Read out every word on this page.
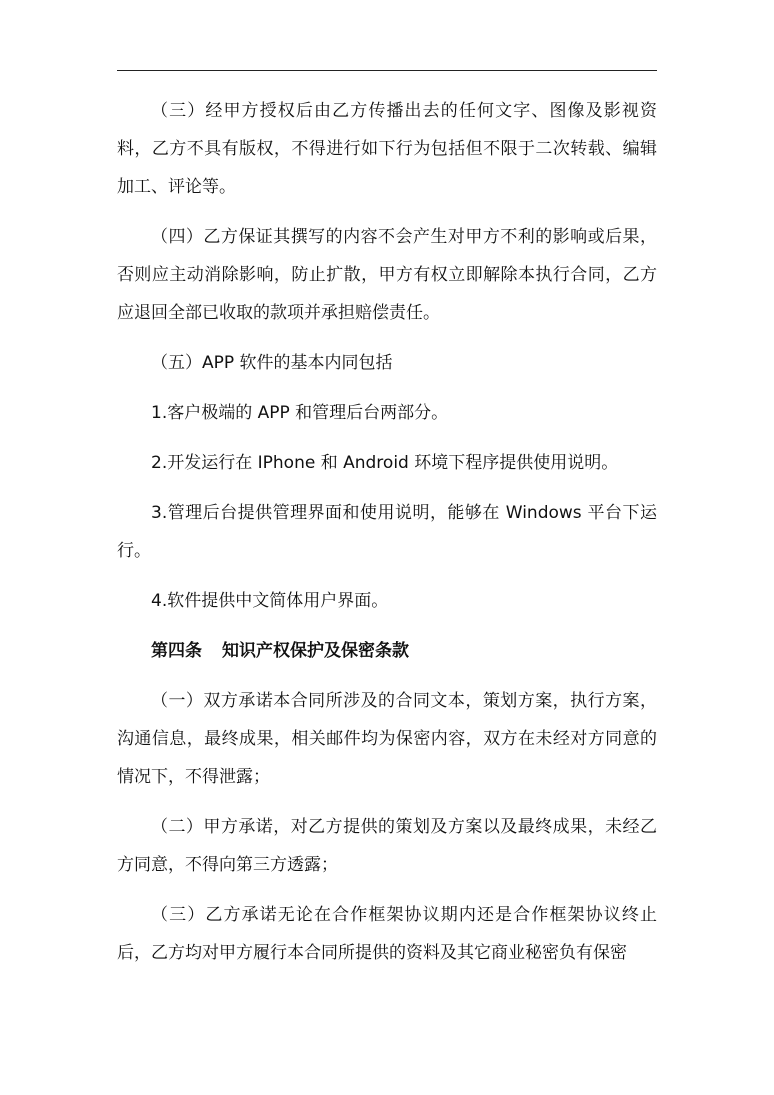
（三）经甲方授权后由乙方传播出去的任何文字、图像及影视资料，乙方不具有版权，不得进行如下行为包括但不限于二次转载、编辑加工、评论等。

（四）乙方保证其撰写的内容不会产生对甲方不利的影响或后果，否则应主动消除影响，防止扩散，甲方有权立即解除本执行合同，乙方应退回全部已收取的款项并承担赔偿责任。

（五）APP 软件的基本内同包括

1.客户极端的 APP 和管理后台两部分。

2.开发运行在 IPhone 和 Android 环境下程序提供使用说明。

3.管理后台提供管理界面和使用说明，能够在 Windows 平台下运行。

4.软件提供中文简体用户界面。

第四条 知识产权保护及保密条款

（一）双方承诺本合同所涉及的合同文本，策划方案，执行方案，沟通信息，最终成果，相关邮件均为保密内容，双方在未经对方同意的情况下，不得泄露；

（二）甲方承诺，对乙方提供的策划及方案以及最终成果，未经乙方同意，不得向第三方透露；

（三）乙方承诺无论在合作框架协议期内还是合作框架协议终止后，乙方均对甲方履行本合同所提供的资料及其它商业秘密负有保密
